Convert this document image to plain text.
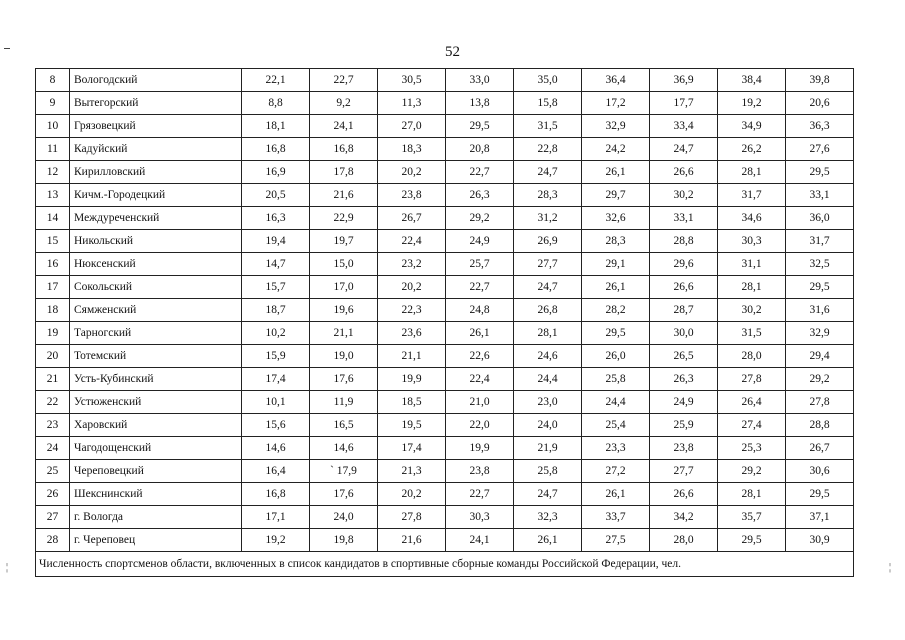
52
¦	¦
8	Вологодский	22,1	22,7	30,5	33,0	35,0	36,4	36,9	38,4	39,8
9	Вытегорский	8,8	9,2	11,3	13,8	15,8	17,2	17,7	19,2	20,6
10	Грязовецкий	18,1	24,1	27,0	29,5	31,5	32,9	33,4	34,9	36,3
11	Кадуйский	16,8	16,8	18,3	20,8	22,8	24,2	24,7	26,2	27,6
12	Кирилловский	16,9	17,8	20,2	22,7	24,7	26,1	26,6	28,1	29,5
13	Кичм.-Городецкий	20,5	21,6	23,8	26,3	28,3	29,7	30,2	31,7	33,1
14	Междуреченский	16,3	22,9	26,7	29,2	31,2	32,6	33,1	34,6	36,0
15	Никольский	19,4	19,7	22,4	24,9	26,9	28,3	28,8	30,3	31,7
16	Нюксенский	14,7	15,0	23,2	25,7	27,7	29,1	29,6	31,1	32,5
17	Сокольский	15,7	17,0	20,2	22,7	24,7	26,1	26,6	28,1	29,5
18	Сямженский	18,7	19,6	22,3	24,8	26,8	28,2	28,7	30,2	31,6
19	Тарногский	10,2	21,1	23,6	26,1	28,1	29,5	30,0	31,5	32,9
20	Тотемский	15,9	19,0	21,1	22,6	24,6	26,0	26,5	28,0	29,4
21	Усть-Кубинский	17,4	17,6	19,9	22,4	24,4	25,8	26,3	27,8	29,2
22	Устюженский	10,1	11,9	18,5	21,0	23,0	24,4	24,9	26,4	27,8
23	Харовский	15,6	16,5	19,5	22,0	24,0	25,4	25,9	27,4	28,8
24	Чагодощенский	14,6	14,6	17,4	19,9	21,9	23,3	23,8	25,3	26,7
25	Череповецкий	16,4	` 17,9	21,3	23,8	25,8	27,2	27,7	29,2	30,6
26	Шекснинский	16,8	17,6	20,2	22,7	24,7	26,1	26,6	28,1	29,5
27	г. Вологда	17,1	24,0	27,8	30,3	32,3	33,7	34,2	35,7	37,1
28	г. Череповец	19,2	19,8	21,6	24,1	26,1	27,5	28,0	29,5	30,9
Численность спортсменов области, включенных в список кандидатов в спортивные сборные команды Российской Федерации, чел.										
